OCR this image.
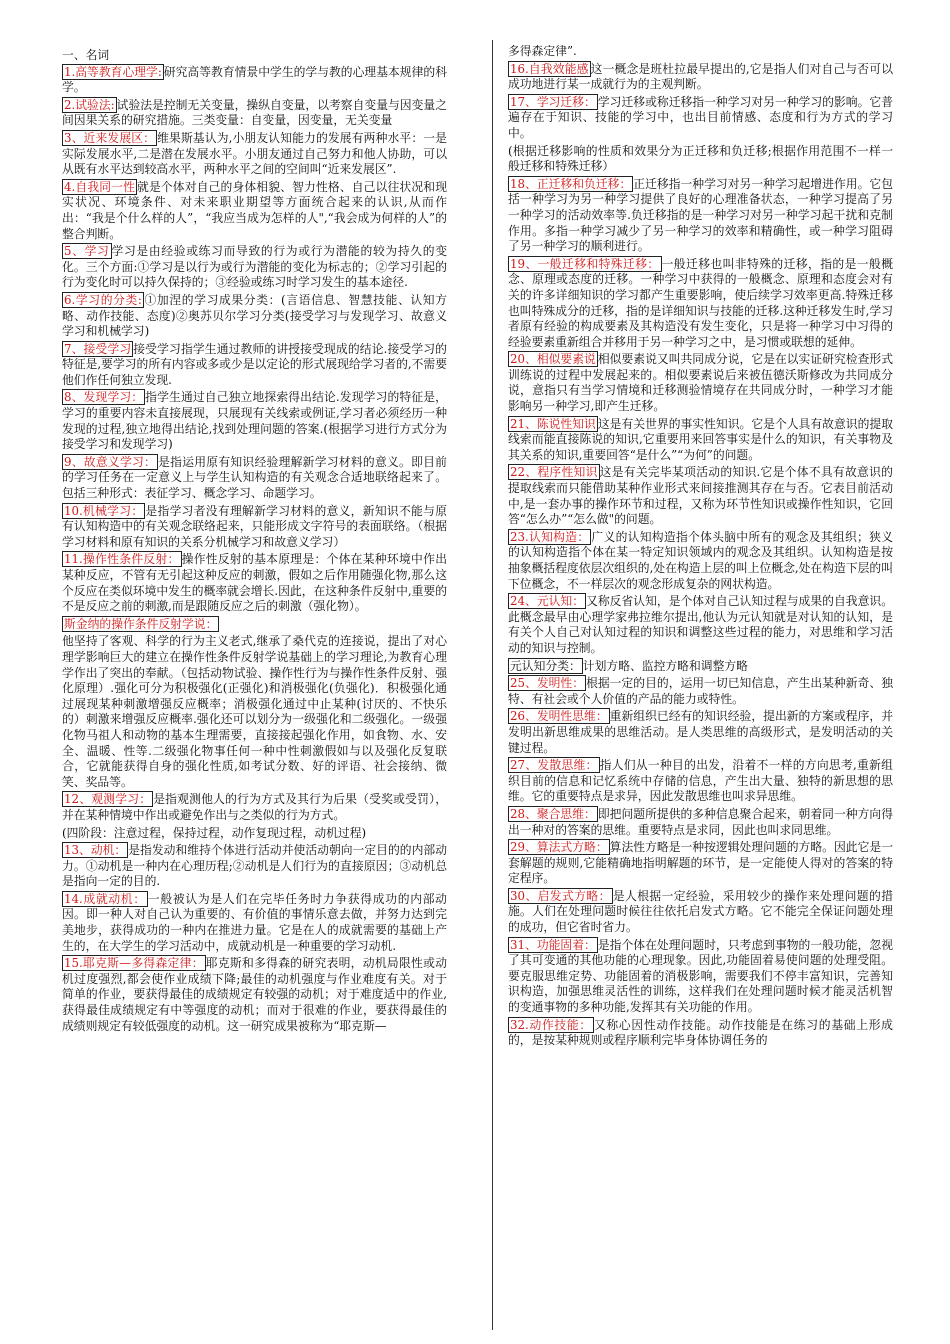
一、名词
1.高等教育心理学: 研究高等教育情景中学生的学与教的心理基本规律的科学。
2.试验法: 试验法是控制无关变量，操纵自变量，以考察自变量与因变量之间因果关系的研究措施。三类变量：自变量，因变量，无关变量
3、近来发展区： 维果斯基认为,小朋友认知能力的发展有两种水平：一是实际发展水平,二是潜在发展水平。小朋友通过自己努力和他人协助，可以从既有水平达到较高水平，两种水平之间的空间叫“近来发展区”.
4.自我同一性 就是个体对自己的身体相貌、智力性格、自己以往状况和现实状况、环境条件、对未来职业期望等方面统合起来的认识,从而作出：“我是个什么样的人”，“我应当成为怎样的人",“我会成为何样的人”的整合判断。
5、学习 学习是由经验或练习而导致的行为或行为潜能的较为持久的变化。三个方面:①学习是以行为或行为潜能的变化为标志的；②学习引起的行为变化时可以持久保持的；③经验或练习时学习发生的基本途径.
6.学习的分类: ①加涅的学习成果分类：(言语信息、智慧技能、认知方略、动作技能、态度)②奥苏贝尔学习分类(接受学习与发现学习、故意义学习和机械学习)
7、接受学习 接受学习指学生通过教师的讲授接受现成的结论.接受学习的特征是,要学习的所有内容或多或少是以定论的形式展现给学习者的,不需要他们作任何独立发现.
8、发现学习： 指学生通过自己独立地探索得出结论.发现学习的特征是，学习的重要内容未直接展现，只展现有关线索或例证,学习者必须经历一种发现的过程,独立地得出结论,找到处理问题的答案.(根据学习进行方式分为接受学习和发现学习)
9、故意义学习： 是指运用原有知识经验理解新学习材料的意义。即目前的学习任务在一定意义上与学生认知构造的有关观念合适地联络起来了。包括三种形式：表征学习、概念学习、命题学习。
10.机械学习： 是指学习者没有理解新学习材料的意义，新知识不能与原有认知构造中的有关观念联络起来，只能形成文字符号的表面联络。（根据学习材料和原有知识的关系分机械学习和故意义学习）
11.操作性条件反射： 操作性反射的基本原理是：个体在某种环境中作出某种反应，不管有无引起这种反应的刺激，假如之后作用随强化物,那么这个反应在类似环境中发生的概率就会增长.因此，在这种条件反射中,重要的不是反应之前的刺激,而是跟随反应之后的刺激（强化物）。
斯金纳的操作条件反射学说：
他坚持了客观、科学的行为主义老式,继承了桑代克的连接说，提出了对心理学影响巨大的建立在操作性条件反射学说基础上的学习理论,为教育心理学作出了突出的奉献。（包括动物试验、操作性行为与操作性条件反射、强化原理）.强化可分为积极强化(正强化)和消极强化(负强化)．积极强化通过展现某种刺激增强反应概率；消极强化通过中止某种(讨厌的、不快乐的）刺激来增强反应概率.强化还可以划分为一级强化和二级强化。一级强化物马祖人和动物的基本生理需要，直接接起强化作用，如食物、水、安全、温暖、性等.二级强化物事任何一种中性刺激假如与以及强化反复联合，它就能获得自身的强化性质,如考试分数、好的评语、社会接纳、微笑、奖品等。
12、观测学习： 是指观测他人的行为方式及其行为后果（受奖或受罚），并在某种情境中作出或避免作出与之类似的行为方式。
(四阶段：注意过程，保持过程，动作复现过程，动机过程)
13、动机： 是指发动和维持个体进行活动并使活动朝向一定目的的内部动力。①动机是一种内在心理历程;②动机是人们行为的直接原因；③动机总是指向一定的目的.
14.成就动机： 一般被认为是人们在完毕任务时力争获得成功的内部动因。即一种人对自己认为重要的、有价值的事情乐意去做，并努力达到完美地步，获得成功的一种内在推进力量。它是在人的成就需要的基础上产生的，在大学生的学习活动中，成就动机是一种重要的学习动机.
15.耶克斯—多得森定律： 耶克斯和多得森的研究表明，动机局限性或动机过度强烈,都会使作业成绩下降;最佳的动机强度与作业难度有关。对于简单的作业，要获得最佳的成绩规定有较强的动机；对于难度适中的作业,获得最佳成绩规定有中等强度的动机；而对于很难的作业，要获得最佳的成绩则规定有较低强度的动机。这一研究成果被称为“耶克斯—
多得森定律”.
16.自我效能感 这一概念是班杜拉最早提出的,它是指人们对自己与否可以成功地进行某一成就行为的主观判断。
17、学习迁移： 学习迁移或称迁移指一种学习对另一种学习的影响。它普遍存在于知识、技能的学习中，也出目前情感、态度和行为方式的学习中。
(根据迁移影响的性质和效果分为正迁移和负迁移;根据作用范围不一样一般迁移和特殊迁移）
18、正迁移和负迁移： 正迁移指一种学习对另一种学习起增进作用。它包括一种学习为另一种学习提供了良好的心理准备状态，一种学习提高了另一种学习的活动效率等.负迁移指的是一种学习对另一种学习起干扰和克制作用。多指一种学习减少了另一种学习的效率和精确性，或一种学习阻碍了另一种学习的顺利进行。
19、一般迁移和特殊迁移： 一般迁移也叫非特殊的迁移，指的是一般概念、原理或态度的迁移。一种学习中获得的一般概念、原理和态度会对有关的许多详细知识的学习都产生重要影响，使后续学习效率更高.特殊迁移也叫特殊成分的迁移，指的是详细知识与技能的迁移.这种迁移发生时,学习者原有经验的构成要素及其构造没有发生变化，只是将一种学习中习得的经验要素重新组合并移用于另一种学习之中，是习惯或联想的延伸。
20、相似要素说 相似要素说又叫共同成分说，它是在以实证研究检查形式训练说的过程中发展起来的。相似要素说后来被伍德沃斯修改为共同成分说，意指只有当学习情境和迁移测验情境存在共同成分时，一种学习才能影响另一种学习,即产生迁移。
21、陈说性知识 这是有关世界的事实性知识。它是个人具有故意识的提取线索而能直接陈说的知识,它重要用来回答事实是什么的知识，有关事物及其关系的知识,重要回答“是什么”“为何”的问题。
22、程序性知识 这是有关完毕某项活动的知识.它是个体不具有故意识的提取线索而只能借助某种作业形式来间接推测其存在与否。它表目前活动中,是一套办事的操作环节和过程，又称为环节性知识或操作性知识，它回答“怎么办”“怎么做"的问题。
23.认知构造： 广义的认知构造指个体头脑中所有的观念及其组织；狭义的认知构造指个体在某一特定知识领域内的观念及其组织。认知构造是按抽象概括程度依层次组织的,处在构造上层的叫上位概念,处在构造下层的叫下位概念，不一样层次的观念形成复杂的网状构造。
24、元认知： 又称反省认知，是个体对自己认知过程与成果的自我意识。此概念最早由心理学家弗拉维尔提出,他认为元认知就是对认知的认知，是有关个人自己对认知过程的知识和调整这些过程的能力，对思维和学习活动的知识与控制。
元认知分类： 计划方略、监控方略和调整方略
25、发明性： 根据一定的目的，运用一切已知信息，产生出某种新奇、独特、有社会或个人价值的产品的能力或特性。
26、发明性思维： 重新组织已经有的知识经验，提出新的方案或程序，并发明出新思维成果的思维活动。是人类思维的高级形式，是发明活动的关键过程。
27、发散思维： 指人们从一种目的出发，沿着不一样的方向思考,重新组织目前的信息和记忆系统中存储的信息，产生出大量、独特的新思想的思维。它的重要特点是求异，因此发散思维也叫求异思维。
28、聚合思维： 即把问题所提供的多种信息聚合起来，朝着同一种方向得出一种对的答案的思维。重要特点是求同，因此也叫求同思维。
29、算法式方略： 算法性方略是一种按逻辑处理问题的方略。因此它是一套解题的规则,它能精确地指明解题的环节，是一定能使人得对的答案的特定程序。
30、启发式方略： 是人根据一定经验，采用较少的操作来处理问题的措施。人们在处理问题时候往往依托启发式方略。它不能完全保证问题处理的成功，但它省时省力。
31、功能固着： 是指个体在处理问题时，只考虑到事物的一般功能，忽视了其可变通的其他功能的心理现象。因此,功能固着易使问题的处理受阻。要克服思维定势、功能固着的消极影响，需要我们不停丰富知识，完善知识构造，加强思维灵活性的训练，这样我们在处理问题时候才能灵活机智的变通事物的多种功能,发挥其有关功能的作用。
32.动作技能： 又称心因性动作技能。动作技能是在练习的基础上形成的，是按某种规则或程序顺利完毕身体协调任务的
